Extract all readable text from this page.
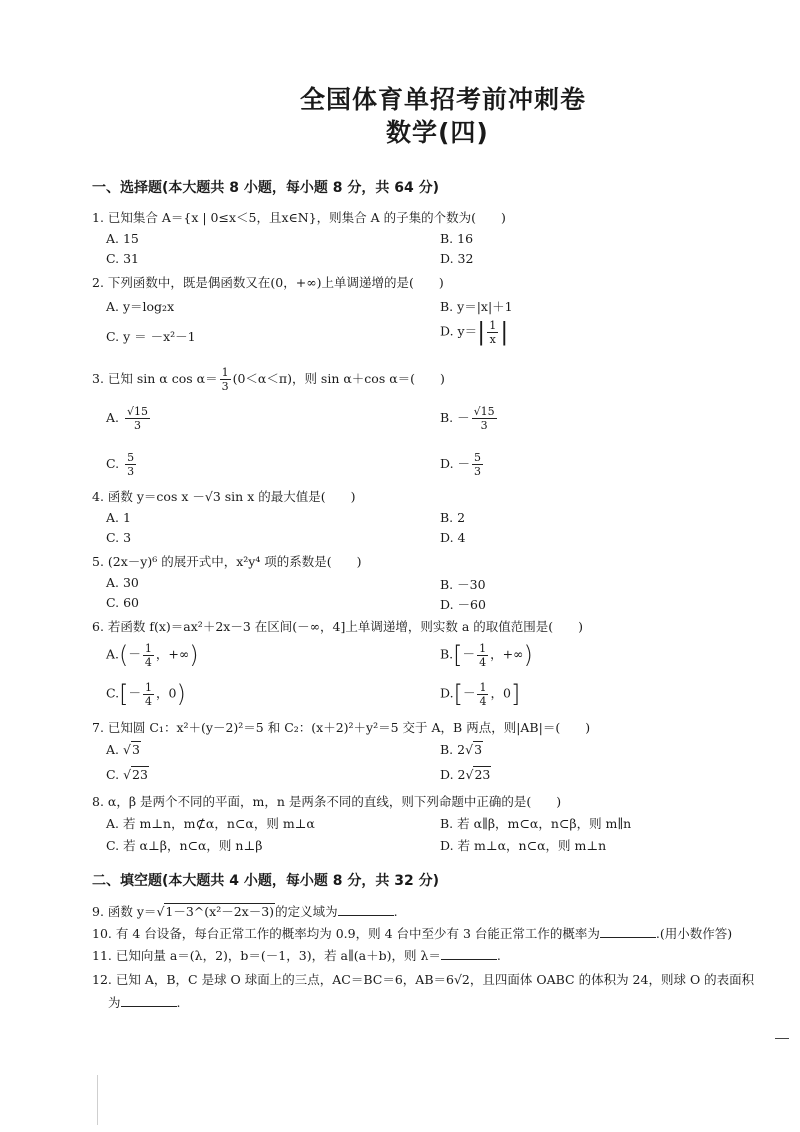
全国体育单招考前冲刺卷
数学(四)
一、选择题(本大题共 8 小题，每小题 8 分，共 64 分)
1. 已知集合 A＝{x | 0≤x＜5，且x∈N}，则集合 A 的子集的个数为(　　)
A. 15	B. 16
C. 31	D. 32
2. 下列函数中，既是偶函数又在(0，+∞)上单调递增的是(　　)
A. y＝log₂x	B. y＝|x|＋1
C. y ＝ －x²－1	D. $y=| \frac{1}{x}$ |
3. 已知 sin α $\cos \alpha= \frac{1}{3} (0<\alpha<\pi)$，则 sin α＋cos α＝(　　)
A. $\frac{√15}{3}$	B. － $\frac{√15}{3}$
C. $\frac{5}{3}$	D. － $\frac{5}{3}$
4. 函数 y＝cos x －√3 sin x 的最大值是(　　)
A. 1	B. 2
C. 3	D. 4
5. (2x－y)⁶ 的展开式中，x²y⁴ 项的系数是(　　)
A. 30	B. －30
C. 60	D. －60
6. 若函数 f(x)＝ax²＋2x－3 在区间(－∞，4]上单调递增，则实数 a 的取值范围是(　　)
$A.(- \frac{1}{4}$ ，+∞)	$B.[- \frac{1}{4}$ ，+∞)
$C.[- \frac{1}{4}$ ，0)	$D.[- \frac{1}{4}$ ，0]
7. 已知圆 C₁：x²＋(y－2)²＝5 和 C₂：(x＋2)²＋y²＝5 交于 A，B 两点，则|AB|＝(　　)
A. √3	B. 2√3
C. √23	D. 2√23
8. α，β 是两个不同的平面，m，n 是两条不同的直线，则下列命题中正确的是(　　)
A. 若 m⊥n，m⊄α，n⊂α，则 m⊥α	B. 若 α∥β，m⊂α，n⊂β，则 m∥n
C. 若 α⊥β，n⊂α，则 n⊥β	D. 若 m⊥α，n⊂α，则 m⊥n
二、填空题(本大题共 4 小题，每小题 8 分，共 32 分)
9. 函数 y＝√1－3^(x²－2x－3)的定义域为	.
10. 有 4 台设备，每台正常工作的概率均为 0.9，则 4 台中至少有 3 台能正常工作的概率为	.(用小数作答)
11. 已知向量 a＝(λ，2)，b＝(－1，3)，若 a∥(a＋b)，则 λ＝	.
12. 已知 A，B，C 是球 O 球面上的三点，AC＝BC＝6，AB＝6√2，且四面体 OABC 的体积为 24，则球 O 的表面积
为	.
